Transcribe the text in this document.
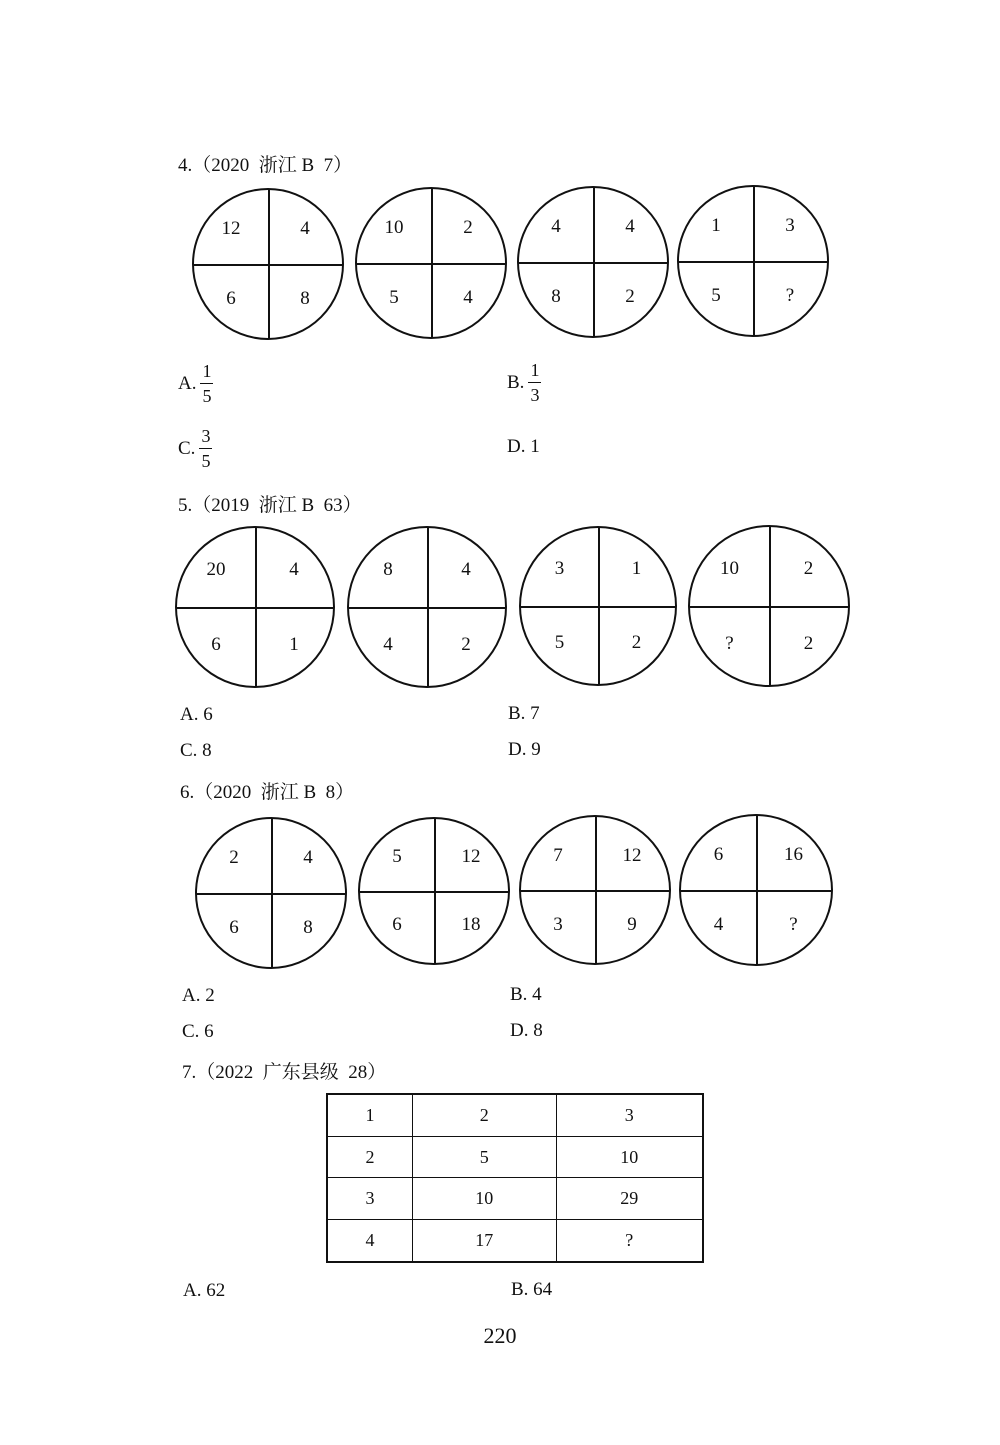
4.（2020  浙江 B  7）
12	4
6	8
10	2
5	4
4	4
8	2
1	3
5	?
A. $\frac{1}{5}$	B. $\frac{1}{3}$
C. $\frac{3}{5}$	D. 1
5.（2019  浙江 B  63）
20	4
6	1
8	4
4	2
3	1
5	2
10	2
?	2
A. 6	B. 7
C. 8	D. 9
6.（2020  浙江 B  8）
2	4
6	8
5	12
6	18
7	12
3	9
6	16
4	?
A. 2	B. 4
C. 6	D. 8
7.（2022  广东县级  28）
1	2	3
2	5	10
3	10	29
4	17	?
A. 62	B. 64
220
